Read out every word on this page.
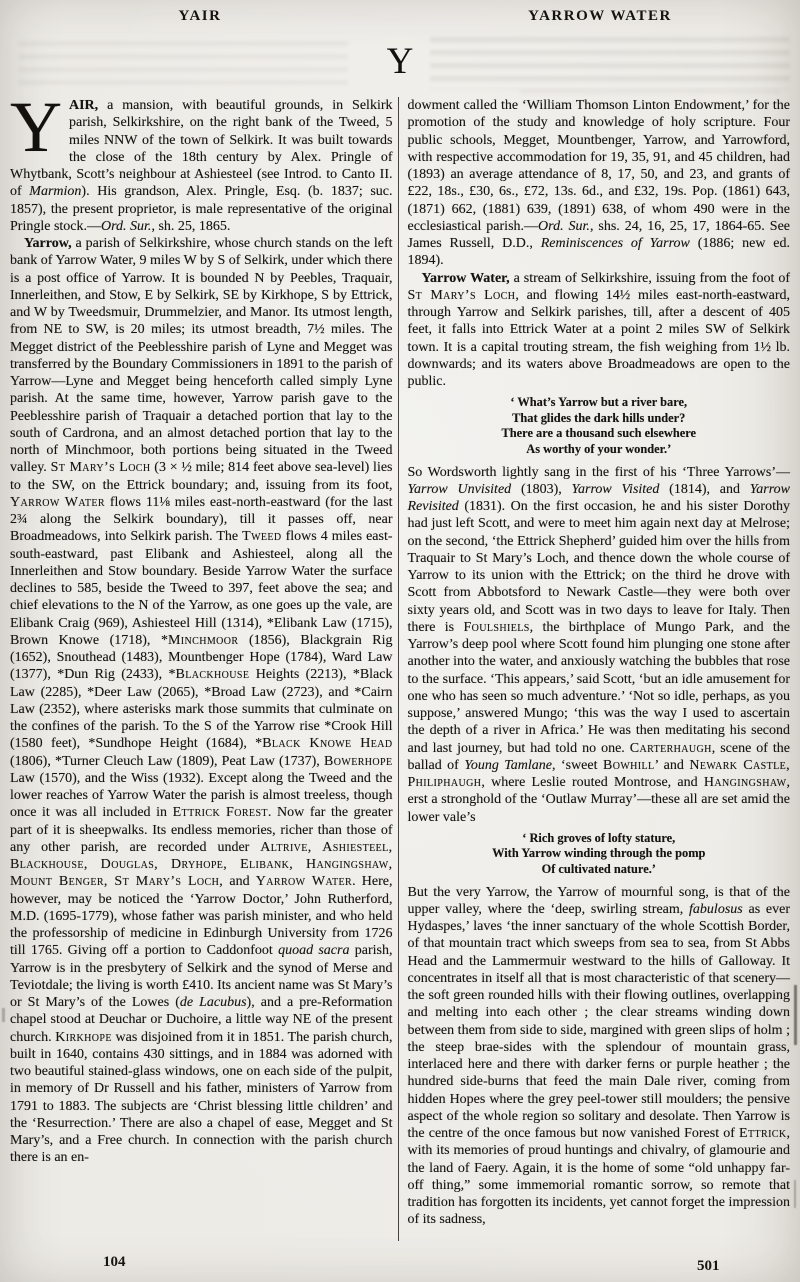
YAIR	YARROW WATER
Y

YAIR, a mansion, with beautiful grounds, in Selkirk parish, Selkirkshire, on the right bank of the Tweed, 5 miles NNW of the town of Selkirk. It was built towards the close of the 18th century by Alex. Pringle of Whytbank, Scott’s neighbour at Ashiesteel (see Introd. to Canto II. of Marmion). His grandson, Alex. Pringle, Esq. (b. 1837; suc. 1857), the present proprietor, is male representative of the original Pringle stock.—Ord. Sur., sh. 25, 1865.

Yarrow, a parish of Selkirkshire, whose church stands on the left bank of Yarrow Water, 9 miles W by S of Selkirk, under which there is a post office of Yarrow. It is bounded N by Peebles, Traquair, Innerleithen, and Stow, E by Selkirk, SE by Kirkhope, S by Ettrick, and W by Tweedsmuir, Drummelzier, and Manor. Its utmost length, from NE to SW, is 20 miles; its utmost breadth, 7½ miles. The Megget district of the Peeblesshire parish of Lyne and Megget was transferred by the Boundary Commissioners in 1891 to the parish of Yarrow—Lyne and Megget being henceforth called simply Lyne parish. At the same time, however, Yarrow parish gave to the Peeblesshire parish of Traquair a detached portion that lay to the south of Cardrona, and an almost detached portion that lay to the north of Minchmoor, both portions being situated in the Tweed valley. St Mary’s Loch (3 × ½ mile; 814 feet above sea-level) lies to the SW, on the Ettrick boundary; and, issuing from its foot, Yarrow Water flows 11⅛ miles east-north-eastward (for the last 2¾ along the Selkirk boundary), till it passes off, near Broadmeadows, into Selkirk parish. The Tweed flows 4 miles east-south-eastward, past Elibank and Ashiesteel, along all the Innerleithen and Stow boundary. Beside Yarrow Water the surface declines to 585, beside the Tweed to 397, feet above the sea; and chief elevations to the N of the Yarrow, as one goes up the vale, are Elibank Craig (969), Ashiesteel Hill (1314), *Elibank Law (1715), Brown Knowe (1718), *Minchmoor (1856), Blackgrain Rig (1652), Snouthead (1483), Mountbenger Hope (1784), Ward Law (1377), *Dun Rig (2433), *Blackhouse Heights (2213), *Black Law (2285), *Deer Law (2065), *Broad Law (2723), and *Cairn Law (2352), where asterisks mark those summits that culminate on the confines of the parish. To the S of the Yarrow rise *Crook Hill (1580 feet), *Sundhope Height (1684), *Black Knowe Head (1806), *Turner Cleuch Law (1809), Peat Law (1737), Bowerhope Law (1570), and the Wiss (1932). Except along the Tweed and the lower reaches of Yarrow Water the parish is almost treeless, though once it was all included in Ettrick Forest. Now far the greater part of it is sheepwalks. Its endless memories, richer than those of any other parish, are recorded under Altrive, Ashiesteel, Blackhouse, Douglas, Dryhope, Elibank, Hangingshaw, Mount Benger, St Mary’s Loch, and Yarrow Water. Here, however, may be noticed the ‘Yarrow Doctor,’ John Rutherford, M.D. (1695-1779), whose father was parish minister, and who held the professorship of medicine in Edinburgh University from 1726 till 1765. Giving off a portion to Caddonfoot quoad sacra parish, Yarrow is in the presbytery of Selkirk and the synod of Merse and Teviotdale; the living is worth £410. Its ancient name was St Mary’s or St Mary’s of the Lowes (de Lacubus), and a pre-Reformation chapel stood at Deuchar or Duchoire, a little way NE of the present church. Kirkhope was disjoined from it in 1851. The parish church, built in 1640, contains 430 sittings, and in 1884 was adorned with two beautiful stained-glass windows, one on each side of the pulpit, in memory of Dr Russell and his father, ministers of Yarrow from 1791 to 1883. The subjects are ‘Christ blessing little children’ and the ‘Resurrection.’ There are also a chapel of ease, Megget and St Mary’s, and a Free church. In connection with the parish church there is an en-

dowment called the ‘William Thomson Linton Endowment,’ for the promotion of the study and knowledge of holy scripture. Four public schools, Megget, Mountbenger, Yarrow, and Yarrowford, with respective accommodation for 19, 35, 91, and 45 children, had (1893) an average attendance of 8, 17, 50, and 23, and grants of £22, 18s., £30, 6s., £72, 13s. 6d., and £32, 19s. Pop. (1861) 643, (1871) 662, (1881) 639, (1891) 638, of whom 490 were in the ecclesiastical parish.—Ord. Sur., shs. 24, 16, 25, 17, 1864-65. See James Russell, D.D., Reminiscences of Yarrow (1886; new ed. 1894).

Yarrow Water, a stream of Selkirkshire, issuing from the foot of St Mary’s Loch, and flowing 14½ miles east-north-eastward, through Yarrow and Selkirk parishes, till, after a descent of 405 feet, it falls into Ettrick Water at a point 2 miles SW of Selkirk town. It is a capital trouting stream, the fish weighing from 1½ lb. downwards; and its waters above Broadmeadows are open to the public.

‘ What’s Yarrow but a river bare,
That glides the dark hills under?
There are a thousand such elsewhere
As worthy of your wonder.’

So Wordsworth lightly sang in the first of his ‘Three Yarrows’—Yarrow Unvisited (1803), Yarrow Visited (1814), and Yarrow Revisited (1831). On the first occasion, he and his sister Dorothy had just left Scott, and were to meet him again next day at Melrose; on the second, ‘the Ettrick Shepherd’ guided him over the hills from Traquair to St Mary’s Loch, and thence down the whole course of Yarrow to its union with the Ettrick; on the third he drove with Scott from Abbotsford to Newark Castle—they were both over sixty years old, and Scott was in two days to leave for Italy. Then there is Foulshiels, the birthplace of Mungo Park, and the Yarrow’s deep pool where Scott found him plunging one stone after another into the water, and anxiously watching the bubbles that rose to the surface. ‘This appears,’ said Scott, ‘but an idle amusement for one who has seen so much adventure.’ ‘Not so idle, perhaps, as you suppose,’ answered Mungo; ‘this was the way I used to ascertain the depth of a river in Africa.’ He was then meditating his second and last journey, but had told no one. Carterhaugh, scene of the ballad of Young Tamlane, ‘sweet Bowhill’ and Newark Castle, Philiphaugh, where Leslie routed Montrose, and Hangingshaw, erst a stronghold of the ‘Outlaw Murray’—these all are set amid the lower vale’s

‘ Rich groves of lofty stature,
With Yarrow winding through the pomp
Of cultivated nature.’

But the very Yarrow, the Yarrow of mournful song, is that of the upper valley, where the ‘deep, swirling stream, fabulosus as ever Hydaspes,’ laves ‘the inner sanctuary of the whole Scottish Border, of that mountain tract which sweeps from sea to sea, from St Abbs Head and the Lammermuir westward to the hills of Galloway. It concentrates in itself all that is most characteristic of that scenery—the soft green rounded hills with their flowing outlines, overlapping and melting into each other ; the clear streams winding down between them from side to side, margined with green slips of holm ; the steep brae-sides with the splendour of mountain grass, interlaced here and there with darker ferns or purple heather ; the hundred side-burns that feed the main Dale river, coming from hidden Hopes where the grey peel-tower still moulders; the pensive aspect of the whole region so solitary and desolate. Then Yarrow is the centre of the once famous but now vanished Forest of Ettrick, with its memories of proud huntings and chivalry, of glamourie and the land of Faery. Again, it is the home of some “old unhappy far-off thing,” some immemorial romantic sorrow, so remote that tradition has forgotten its incidents, yet cannot forget the impression of its sadness,

104	501
